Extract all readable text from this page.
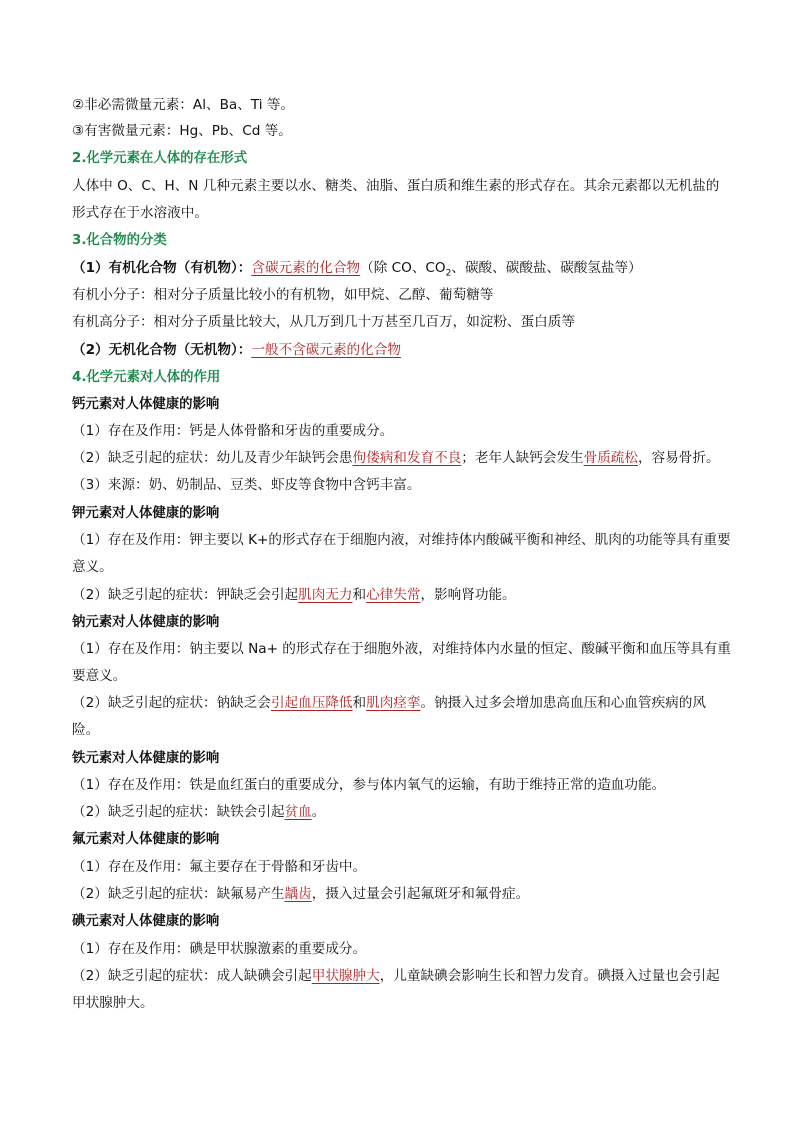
②非必需微量元素：Al、Ba、Ti 等。
③有害微量元素：Hg、Pb、Cd 等。
2.化学元素在人体的存在形式
人体中 O、C、H、N 几种元素主要以水、糖类、油脂、蛋白质和维生素的形式存在。其余元素都以无机盐的形式存在于水溶液中。
3.化合物的分类
（1）有机化合物（有机物）：含碳元素的化合物（除 CO、$CO_2$、碳酸、碳酸盐、碳酸氢盐等）
有机小分子：相对分子质量比较小的有机物，如甲烷、乙醇、葡萄糖等
有机高分子：相对分子质量比较大，从几万到几十万甚至几百万，如淀粉、蛋白质等
（2）无机化合物（无机物）：一般不含碳元素的化合物
4.化学元素对人体的作用
钙元素对人体健康的影响
（1）存在及作用：钙是人体骨骼和牙齿的重要成分。
（2）缺乏引起的症状：幼儿及青少年缺钙会患佝偻病和发育不良；老年人缺钙会发生骨质疏松，容易骨折。
（3）来源：奶、奶制品、豆类、虾皮等食物中含钙丰富。
钾元素对人体健康的影响
（1）存在及作用：钾主要以 K+的形式存在于细胞内液，对维持体内酸碱平衡和神经、肌肉的功能等具有重要意义。
（2）缺乏引起的症状：钾缺乏会引起肌肉无力和心律失常，影响肾功能。
钠元素对人体健康的影响
（1）存在及作用：钠主要以 Na+ 的形式存在于细胞外液，对维持体内水量的恒定、酸碱平衡和血压等具有重要意义。
（2）缺乏引起的症状：钠缺乏会引起血压降低和肌肉痉挛。钠摄入过多会增加患高血压和心血管疾病的风险。
铁元素对人体健康的影响
（1）存在及作用：铁是血红蛋白的重要成分，参与体内氧气的运输，有助于维持正常的造血功能。
（2）缺乏引起的症状：缺铁会引起贫血。
氟元素对人体健康的影响
（1）存在及作用：氟主要存在于骨骼和牙齿中。
（2）缺乏引起的症状：缺氟易产生龋齿，摄入过量会引起氟斑牙和氟骨症。
碘元素对人体健康的影响
（1）存在及作用：碘是甲状腺激素的重要成分。
（2）缺乏引起的症状：成人缺碘会引起甲状腺肿大，儿童缺碘会影响生长和智力发育。碘摄入过量也会引起甲状腺肿大。
